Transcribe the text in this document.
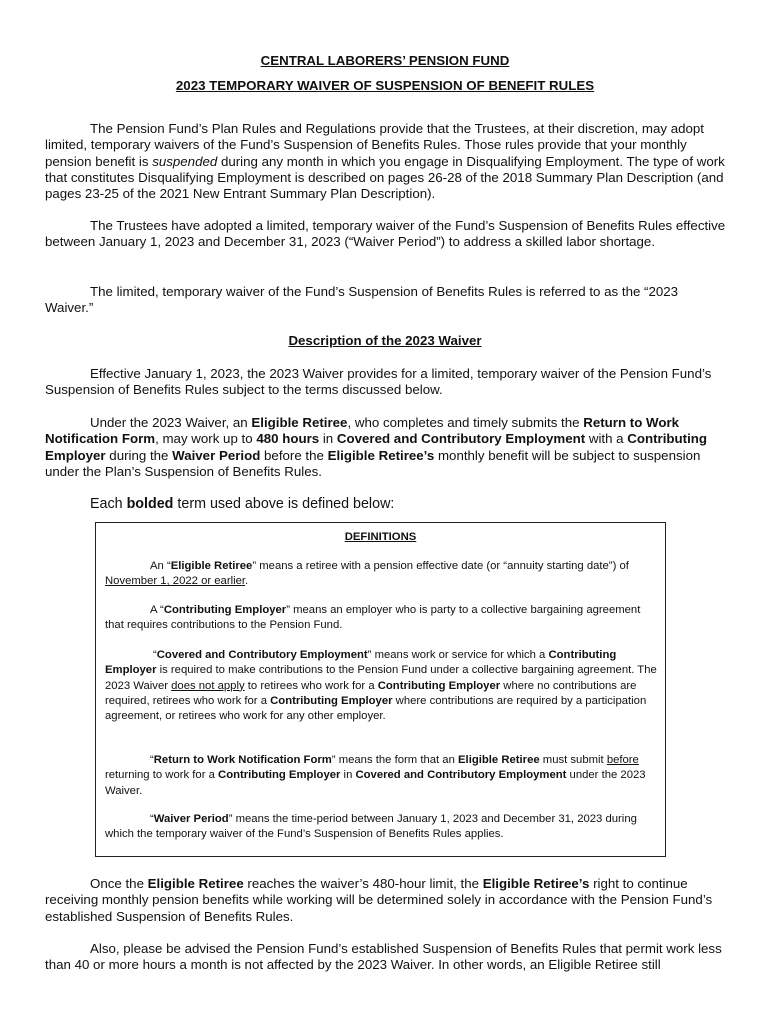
CENTRAL LABORERS’ PENSION FUND
2023 TEMPORARY WAIVER OF SUSPENSION OF BENEFIT RULES
The Pension Fund’s Plan Rules and Regulations provide that the Trustees, at their discretion, may adopt limited, temporary waivers of the Fund’s Suspension of Benefits Rules. Those rules provide that your monthly pension benefit is suspended during any month in which you engage in Disqualifying Employment. The type of work that constitutes Disqualifying Employment is described on pages 26-28 of the 2018 Summary Plan Description (and pages 23-25 of the 2021 New Entrant Summary Plan Description).
The Trustees have adopted a limited, temporary waiver of the Fund’s Suspension of Benefits Rules effective between January 1, 2023 and December 31, 2023 (“Waiver Period”) to address a skilled labor shortage.
The limited, temporary waiver of the Fund’s Suspension of Benefits Rules is referred to as the “2023 Waiver.”
Description of the 2023 Waiver
Effective January 1, 2023, the 2023 Waiver provides for a limited, temporary waiver of the Pension Fund’s Suspension of Benefits Rules subject to the terms discussed below.
Under the 2023 Waiver, an Eligible Retiree, who completes and timely submits the Return to Work Notification Form, may work up to 480 hours in Covered and Contributory Employment with a Contributing Employer during the Waiver Period before the Eligible Retiree’s monthly benefit will be subject to suspension under the Plan’s Suspension of Benefits Rules.
Each bolded term used above is defined below:
DEFINITIONS
An “Eligible Retiree” means a retiree with a pension effective date (or “annuity starting date”) of November 1, 2022 or earlier.
A “Contributing Employer” means an employer who is party to a collective bargaining agreement that requires contributions to the Pension Fund.
“Covered and Contributory Employment” means work or service for which a Contributing Employer is required to make contributions to the Pension Fund under a collective bargaining agreement. The 2023 Waiver does not apply to retirees who work for a Contributing Employer where no contributions are required, retirees who work for a Contributing Employer where contributions are required by a participation agreement, or retirees who work for any other employer.
“Return to Work Notification Form” means the form that an Eligible Retiree must submit before returning to work for a Contributing Employer in Covered and Contributory Employment under the 2023 Waiver.
“Waiver Period” means the time-period between January 1, 2023 and December 31, 2023 during which the temporary waiver of the Fund’s Suspension of Benefits Rules applies.
Once the Eligible Retiree reaches the waiver’s 480-hour limit, the Eligible Retiree’s right to continue receiving monthly pension benefits while working will be determined solely in accordance with the Pension Fund’s established Suspension of Benefits Rules.
Also, please be advised the Pension Fund’s established Suspension of Benefits Rules that permit work less than 40 or more hours a month is not affected by the 2023 Waiver. In other words, an Eligible Retiree still
